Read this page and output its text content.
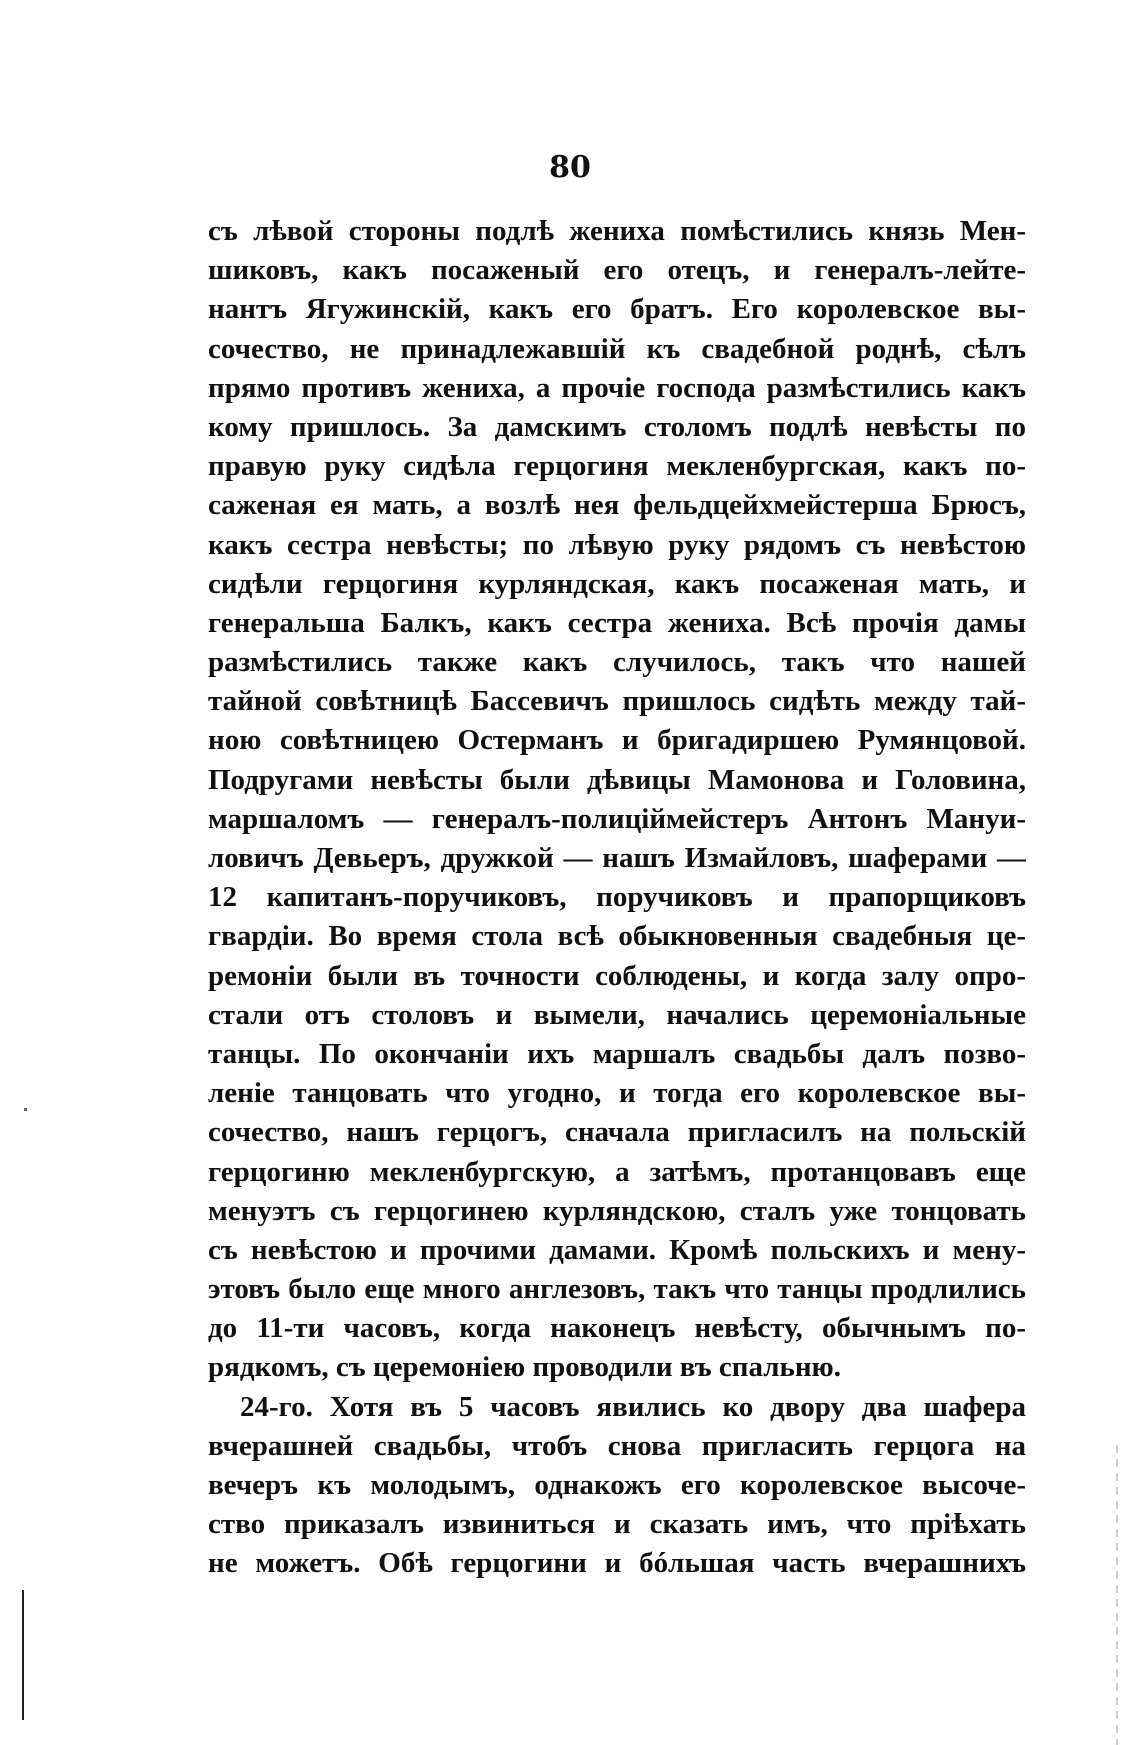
80
съ лѣвой стороны подлѣ жениха помѣстились князь Мен-
шиковъ, какъ посаженый его отецъ, и генералъ-лейте-
нантъ Ягужинскій, какъ его братъ. Его королевское вы-
сочество, не принадлежавшій къ свадебной роднѣ, сѣлъ
прямо противъ жениха, а прочіе господа размѣстились какъ
кому пришлось. За дамскимъ столомъ подлѣ невѣсты по
правую руку сидѣла герцогиня мекленбургская, какъ по-
саженая ея мать, а возлѣ нея фельдцейхмейстерша Брюсъ,
какъ сестра невѣсты; по лѣвую руку рядомъ съ невѣстою
сидѣли герцогиня курляндская, какъ посаженая мать, и
генеральша Балкъ, какъ сестра жениха. Всѣ прочія дамы
размѣстились также какъ случилось, такъ что нашей
тайной совѣтницѣ Бассевичъ пришлось сидѣть между тай-
ною совѣтницею Остерманъ и бригадиршею Румянцовой.
Подругами невѣсты были дѣвицы Мамонова и Головина,
маршаломъ — генералъ-полиціймейстеръ Антонъ Мануи-
ловичъ Девьеръ, дружкой — нашъ Измайловъ, шаферами —
12 капитанъ-поручиковъ, поручиковъ и прапорщиковъ
гвардіи. Во время стола всѣ обыкновенныя свадебныя це-
ремоніи были въ точности соблюдены, и когда залу опро-
стали отъ столовъ и вымели, начались церемоніальные
танцы. По окончаніи ихъ маршалъ свадьбы далъ позво-
леніе танцовать что угодно, и тогда его королевское вы-
сочество, нашъ герцогъ, сначала пригласилъ на польскій
герцогиню мекленбургскую, а затѣмъ, протанцовавъ еще
менуэтъ съ герцогинею курляндскою, сталъ уже тонцовать
съ невѣстою и прочими дамами. Кромѣ польскихъ и мену-
этовъ было еще много англезовъ, такъ что танцы продлились
до 11-ти часовъ, когда наконецъ невѣсту, обычнымъ по-
рядкомъ, съ церемоніею проводили въ спальню.
24-го. Хотя въ 5 часовъ явились ко двору два шафера
вчерашней свадьбы, чтобъ снова пригласить герцога на
вечеръ къ молодымъ, однакожъ его королевское высоче-
ство приказалъ извиниться и сказать имъ, что пріѣхать
не можетъ. Обѣ герцогини и бóльшая часть вчерашнихъ
